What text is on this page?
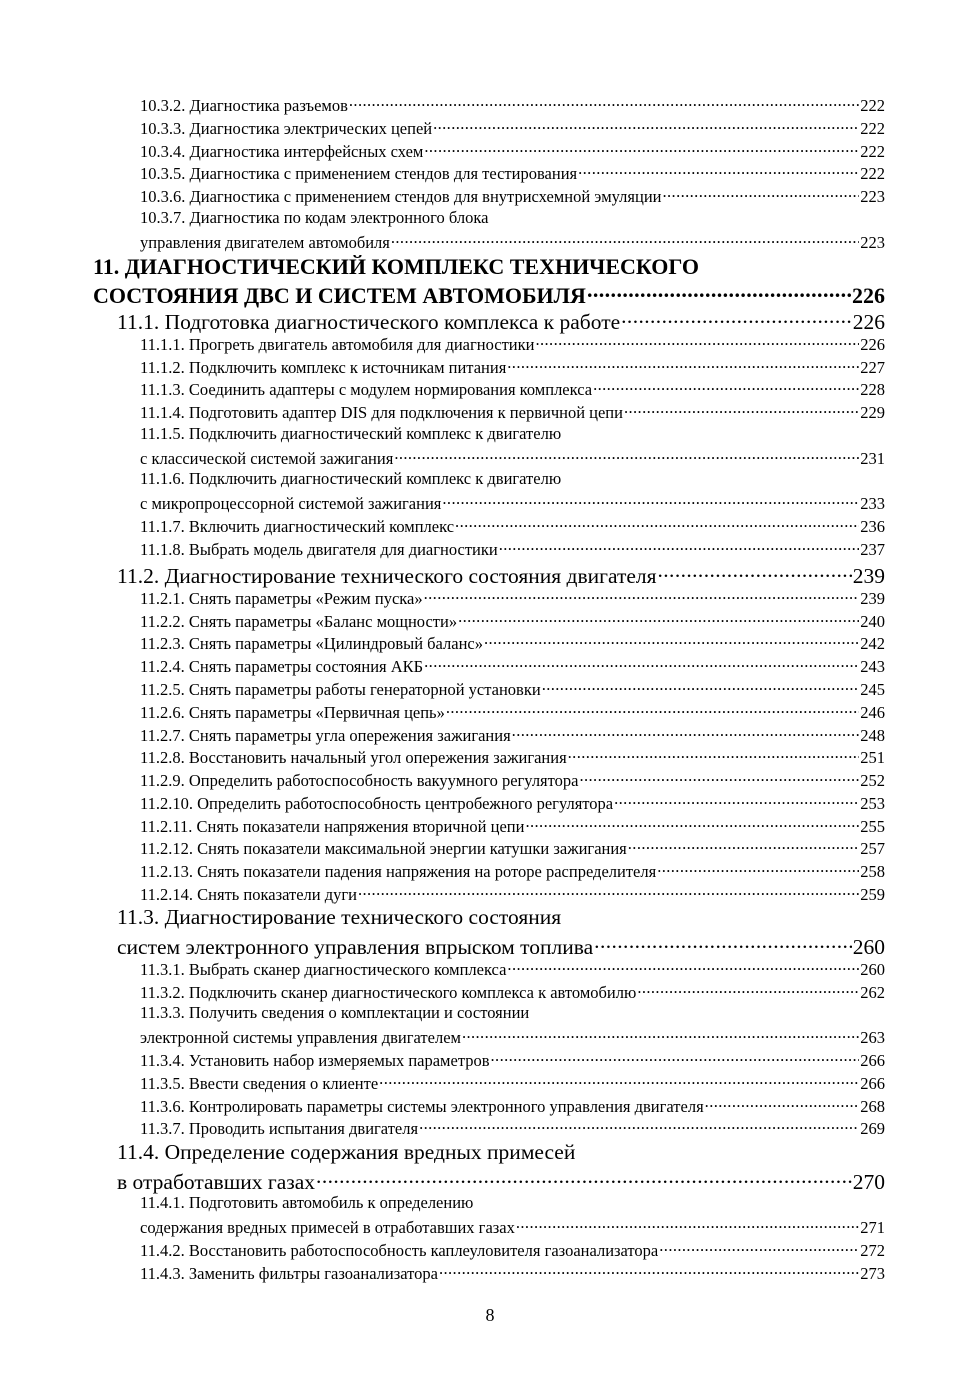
10.3.2. Диагностика разъемов .....	222
10.3.3. Диагностика электрических цепей .....	222
10.3.4. Диагностика интерфейсных схем .....	222
10.3.5. Диагностика с применением стендов для тестирования .....	222
10.3.6. Диагностика с применением стендов для внутрисхемной эмуляции .....	223
10.3.7. Диагностика по кодам электронного блока
управления двигателем автомобиля .....	223
11. ДИАГНОСТИЧЕСКИЙ КОМПЛЕКС ТЕХНИЧЕСКОГО
СОСТОЯНИЯ ДВС И СИСТЕМ АВТОМОБИЛЯ .....	226
11.1. Подготовка диагностического комплекса к работе .....	226
11.1.1. Прогреть двигатель автомобиля для диагностики .....	226
11.1.2. Подключить комплекс к источникам питания .....	227
11.1.3. Соединить адаптеры с модулем нормирования комплекса .....	228
11.1.4. Подготовить адаптер DIS для подключения к первичной цепи .....	229
11.1.5. Подключить диагностический комплекс к двигателю
с классической системой зажигания .....	231
11.1.6. Подключить диагностический комплекс к двигателю
с микропроцессорной системой зажигания .....	233
11.1.7. Включить диагностический комплекс .....	236
11.1.8. Выбрать модель двигателя для диагностики .....	237
11.2. Диагностирование технического состояния двигателя .....	239
11.2.1. Снять параметры «Режим пуска» .....	239
11.2.2. Снять параметры «Баланс мощности» .....	240
11.2.3. Снять параметры «Цилиндровый баланс» .....	242
11.2.4. Снять параметры состояния АКБ .....	243
11.2.5. Снять параметры работы генераторной установки .....	245
11.2.6. Снять параметры «Первичная цепь» .....	246
11.2.7. Снять параметры угла опережения зажигания .....	248
11.2.8. Восстановить начальный угол опережения зажигания .....	251
11.2.9. Определить работоспособность вакуумного регулятора .....	252
11.2.10. Определить работоспособность центробежного регулятора .....	253
11.2.11. Снять показатели напряжения вторичной цепи .....	255
11.2.12. Снять показатели максимальной энергии катушки зажигания .....	257
11.2.13. Снять показатели падения напряжения на роторе распределителя .....	258
11.2.14. Снять показатели дуги .....	259
11.3. Диагностирование технического состояния
систем электронного управления впрыском топлива .....	260
11.3.1. Выбрать сканер диагностического комплекса .....	260
11.3.2. Подключить сканер диагностического комплекса к автомобилю .....	262
11.3.3. Получить сведения о комплектации и состоянии
электронной системы управления двигателем .....	263
11.3.4. Установить набор измеряемых параметров .....	266
11.3.5. Ввести сведения о клиенте .....	266
11.3.6. Контролировать параметры системы электронного управления двигателя .....	268
11.3.7. Проводить испытания двигателя .....	269
11.4. Определение содержания вредных примесей
в отработавших газах .....	270
11.4.1. Подготовить автомобиль к определению
содержания вредных примесей в отработавших газах .....	271
11.4.2. Восстановить работоспособность каплеуловителя газоанализатора .....	272
11.4.3. Заменить фильтры газоанализатора .....	273
8
